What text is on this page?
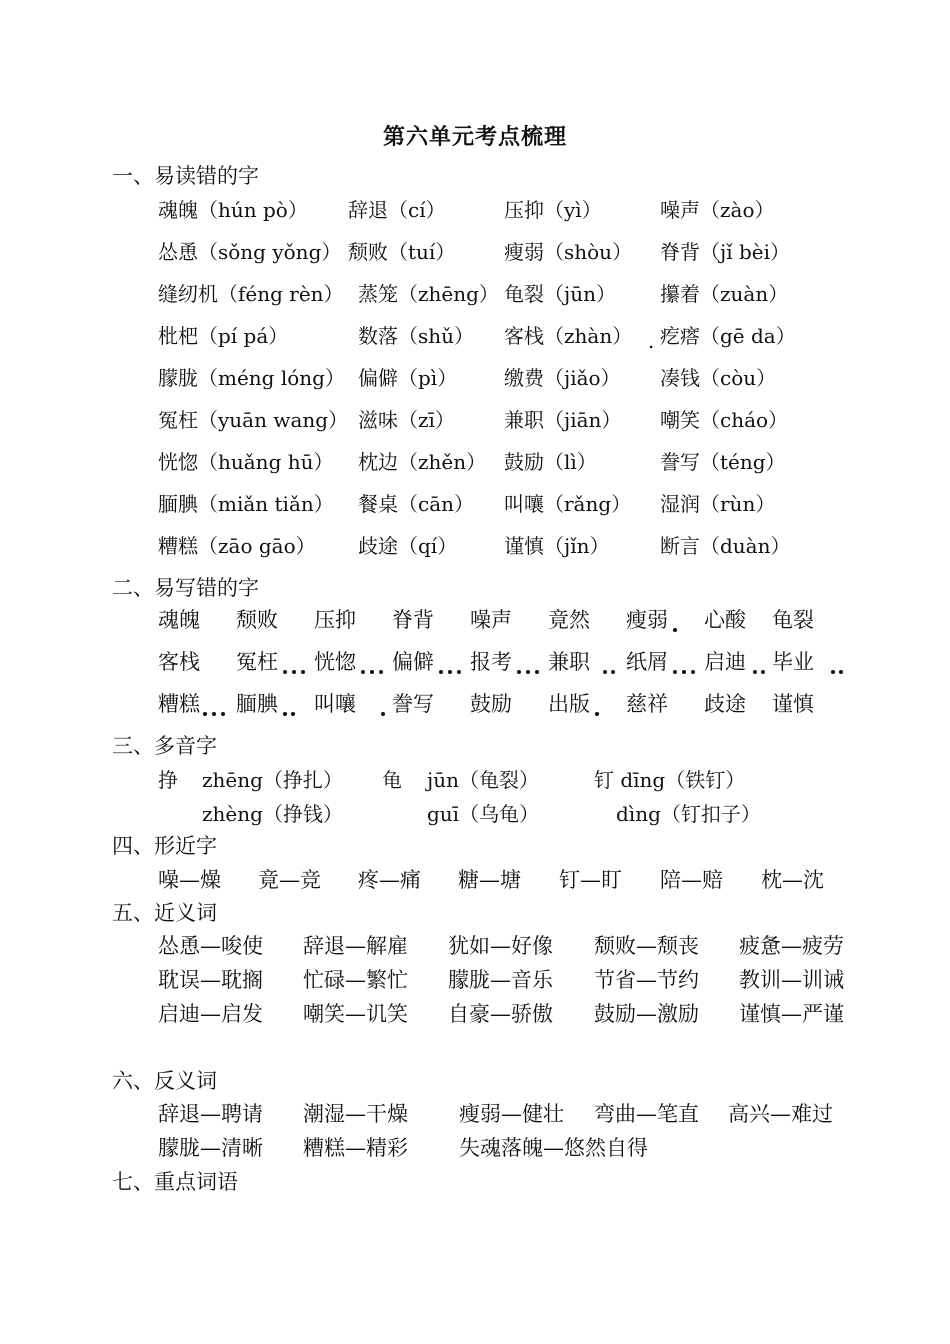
第六单元考点梳理
一、易读错的字
魂魄（hún pò） 辞退（cí）	压抑（yì）	噪声（zào）
怂恿（sǒng yǒng） 颓败（tuí） 瘦弱（shòu） 脊背（jǐ bèi）
缝纫机（féng rèn） 蒸笼（zhēng） 龟裂（jūn） 攥着（zuàn）
枇杷（pí pá）	数落（shǔ） 客栈（zhàn） 疙瘩（gē da）
朦胧（méng lóng） 偏僻（pì） 缴费（jiǎo） 凑钱（còu）
冤枉（yuān wang） 滋味（zī） 兼职（jiān） 嘲笑（cháo）
恍惚（huǎng hū） 枕边（zhěn） 鼓励（lì）	誊写（téng）
腼腆（miǎn tiǎn） 餐桌（cān） 叫嚷（rǎng） 湿润（rùn）
糟糕（zāo gāo） 歧途（qí） 谨慎（jǐn）	断言（duàn）
.
二、易写错的字
魂魄 颓败 压抑 脊背 噪声 竟然 瘦弱 心酸 龟裂
客栈 冤枉 恍惚 偏僻 报考 兼职 纸屑 启迪 毕业
糟糕 腼腆 叫嚷 誊写 鼓励 出版 慈祥 歧途 谨慎
三、多音字
挣 zhēng（挣扎） 龟 jūn（龟裂）	钉 dīng（铁钉）
zhèng（挣钱）	guī（乌龟）	dìng（钉扣子）
四、形近字
噪—燥 竟—竞 疼—痛 糖—塘 钉—盯 陪—赔 枕—沈
五、近义词
怂恿—唆使 辞退—解雇 犹如—好像 颓败—颓丧 疲惫—疲劳
耽误—耽搁 忙碌—繁忙 朦胧—音乐 节省—节约 教训—训诫
启迪—启发 嘲笑—讥笑 自豪—骄傲 鼓励—激励 谨慎—严谨
六、反义词
辞退—聘请 潮湿—干燥 瘦弱—健壮 弯曲—笔直 高兴—难过
朦胧—清晰 糟糕—精彩 失魂落魄—悠然自得
七、重点词语
